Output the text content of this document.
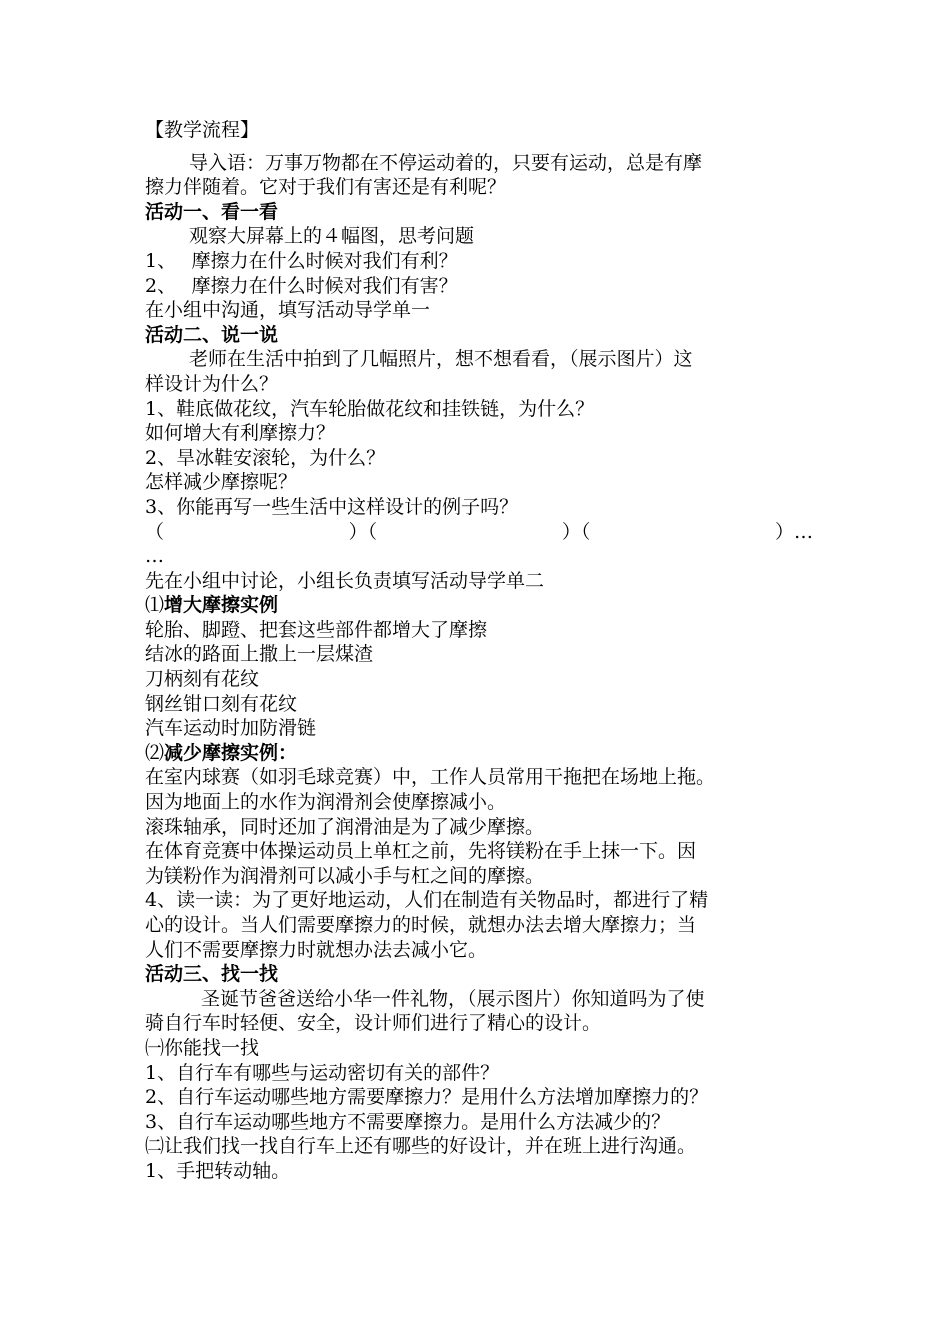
【教学流程】
导入语：万事万物都在不停运动着的，只要有运动，总是有摩
擦力伴随着。它对于我们有害还是有利呢？
活动一、看一看
观察大屏幕上的４幅图，思考问题
1、　 摩擦力在什么时候对我们有利？
2、　 摩擦力在什么时候对我们有害？
在小组中沟通，填写活动导学单一
活动二、说一说
老师在生活中拍到了几幅照片，想不想看看，（展示图片）这
样设计为什么？
1、鞋底做花纹，汽车轮胎做花纹和挂铁链，为什么？
如何增大有利摩擦力？
2、旱冰鞋安滚轮，为什么？
怎样减少摩擦呢？
3、你能再写一些生活中这样设计的例子吗？
（	）（	）（	）…
…
先在小组中讨论，小组长负责填写活动导学单二
⑴增大摩擦实例
轮胎、脚蹬、把套这些部件都增大了摩擦
结冰的路面上撒上一层煤渣
刀柄刻有花纹
钢丝钳口刻有花纹
汽车运动时加防滑链
⑵减少摩擦实例：
在室内球赛（如羽毛球竞赛）中，工作人员常用干拖把在场地上拖。
因为地面上的水作为润滑剂会使摩擦减小。
滚珠轴承，同时还加了润滑油是为了减少摩擦。
在体育竞赛中体操运动员上单杠之前，先将镁粉在手上抹一下。因
为镁粉作为润滑剂可以减小手与杠之间的摩擦。
4、读一读：为了更好地运动，人们在制造有关物品时，都进行了精
心的设计。当人们需要摩擦力的时候，就想办法去增大摩擦力；当
人们不需要摩擦力时就想办法去减小它。
活动三、找一找
圣诞节爸爸送给小华一件礼物，（展示图片）你知道吗为了使
骑自行车时轻便、安全，设计师们进行了精心的设计。
㈠你能找一找
1、自行车有哪些与运动密切有关的部件？
2、自行车运动哪些地方需要摩擦力？是用什么方法增加摩擦力的？
3、自行车运动哪些地方不需要摩擦力。是用什么方法减少的？
㈡让我们找一找自行车上还有哪些的好设计，并在班上进行沟通。
1、手把转动轴。
